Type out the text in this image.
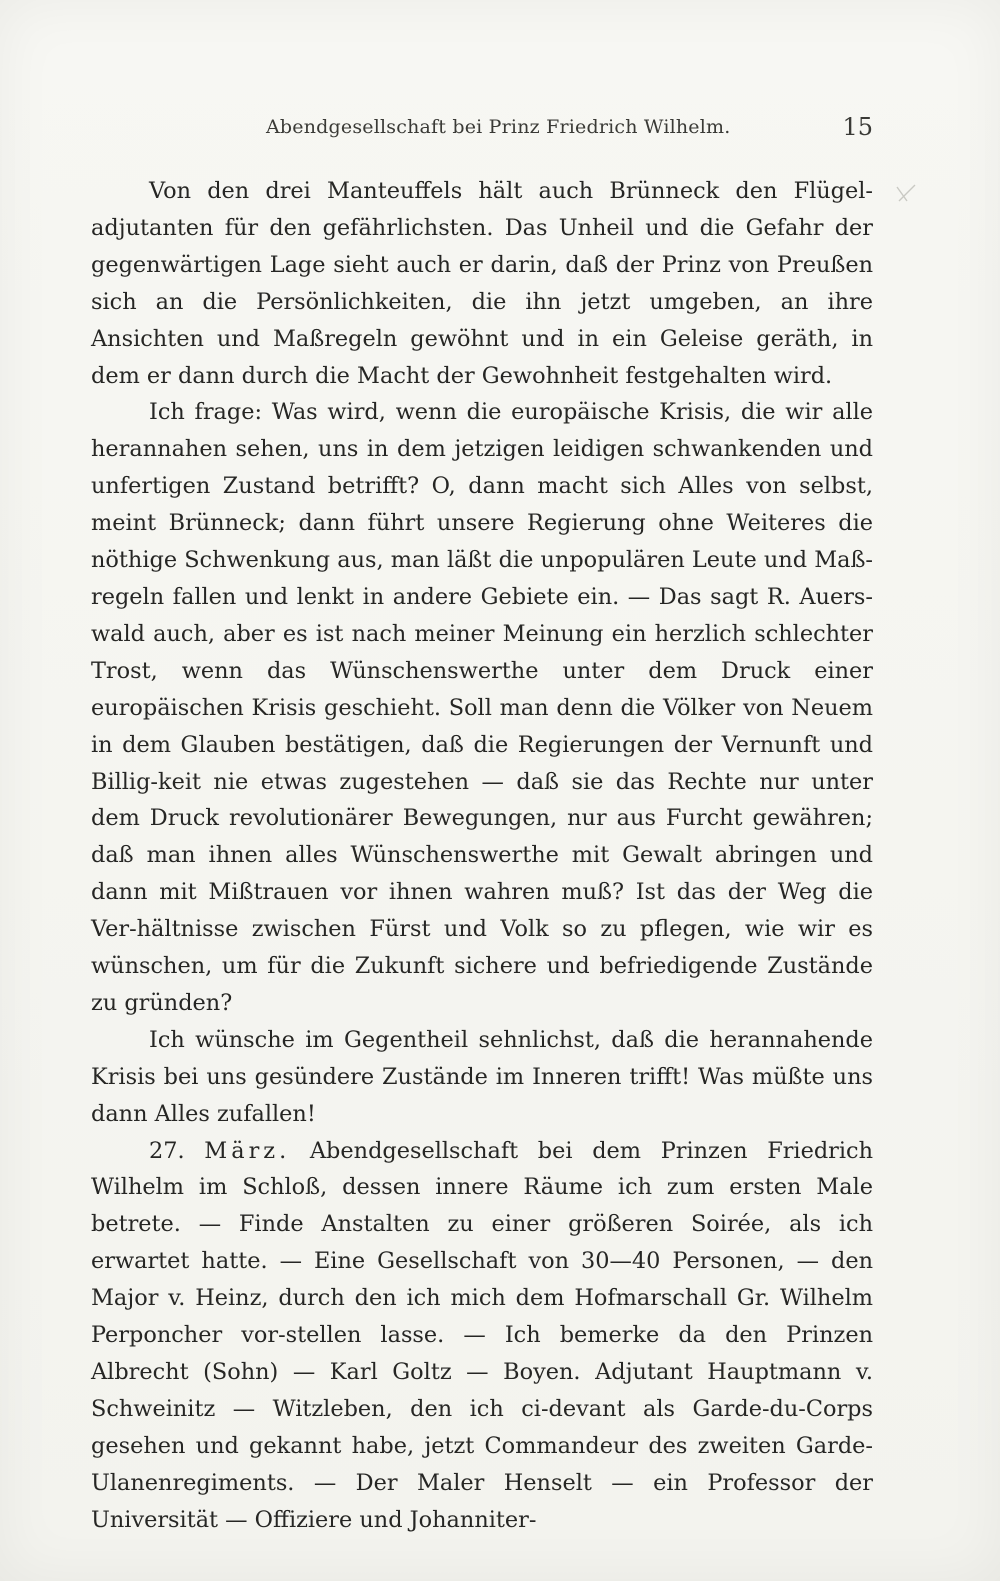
Abendgesellschaft bei Prinz Friedrich Wilhelm.	15

Von den drei Manteuffels hält auch Brünneck den Flügel-adjutanten für den gefährlichsten. Das Unheil und die Gefahr der gegenwärtigen Lage sieht auch er darin, daß der Prinz von Preußen sich an die Persönlichkeiten, die ihn jetzt umgeben, an ihre Ansichten und Maßregeln gewöhnt und in ein Geleise geräth, in dem er dann durch die Macht der Gewohnheit festgehalten wird.

Ich frage: Was wird, wenn die europäische Krisis, die wir alle herannahen sehen, uns in dem jetzigen leidigen schwankenden und unfertigen Zustand betrifft? O, dann macht sich Alles von selbst, meint Brünneck; dann führt unsere Regierung ohne Weiteres die nöthige Schwenkung aus, man läßt die unpopulären Leute und Maß-regeln fallen und lenkt in andere Gebiete ein. — Das sagt R. Auers-wald auch, aber es ist nach meiner Meinung ein herzlich schlechter Trost, wenn das Wünschenswerthe unter dem Druck einer europäischen Krisis geschieht. Soll man denn die Völker von Neuem in dem Glauben bestätigen, daß die Regierungen der Vernunft und Billig-keit nie etwas zugestehen — daß sie das Rechte nur unter dem Druck revolutionärer Bewegungen, nur aus Furcht gewähren; daß man ihnen alles Wünschenswerthe mit Gewalt abringen und dann mit Mißtrauen vor ihnen wahren muß? Ist das der Weg die Ver-hältnisse zwischen Fürst und Volk so zu pflegen, wie wir es wünschen, um für die Zukunft sichere und befriedigende Zustände zu gründen?

Ich wünsche im Gegentheil sehnlichst, daß die herannahende Krisis bei uns gesündere Zustände im Inneren trifft! Was müßte uns dann Alles zufallen!

27. März. Abendgesellschaft bei dem Prinzen Friedrich Wilhelm im Schloß, dessen innere Räume ich zum ersten Male betrete. — Finde Anstalten zu einer größeren Soirée, als ich erwartet hatte. — Eine Gesellschaft von 30—40 Personen, — den Major v. Heinz, durch den ich mich dem Hofmarschall Gr. Wilhelm Perponcher vor-stellen lasse. — Ich bemerke da den Prinzen Albrecht (Sohn) — Karl Goltz — Boyen. Adjutant Hauptmann v. Schweinitz — Witzleben, den ich ci-devant als Garde-du-Corps gesehen und gekannt habe, jetzt Commandeur des zweiten Garde-Ulanenregiments. — Der Maler Henselt — ein Professor der Universität — Offiziere und Johanniter-
